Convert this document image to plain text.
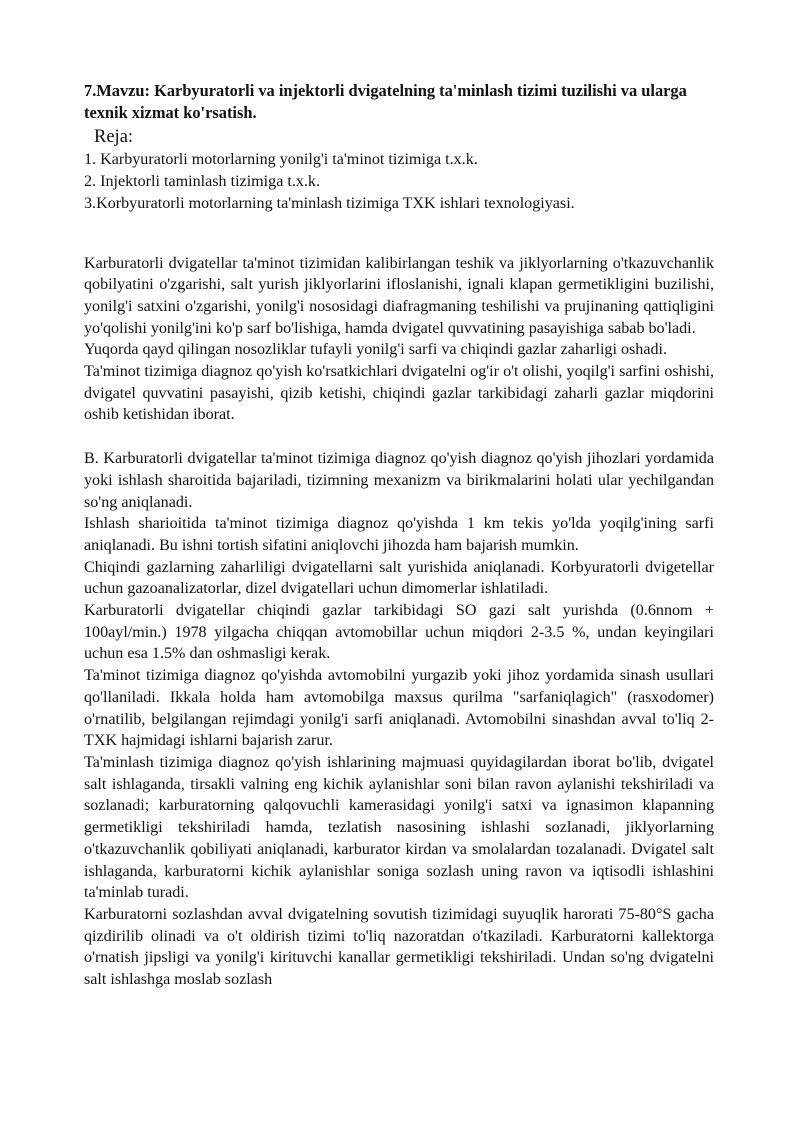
7.Mavzu: Karbyuratorli va injektorli dvigatelning ta'minlash tizimi tuzilishi va ularga texnik xizmat ko'rsatish.

Reja:

1. Karbyuratorli motorlarning yonilg'i ta'minot tizimiga t.x.k.

2. Injektorli taminlash tizimiga t.x.k.

3.Korbyuratorli motorlarning ta'minlash tizimiga TXK ishlari texnologiyasi.

Karburatorli dvigatellar ta'minot tizimidan kalibirlangan teshik va jiklyorlarning o'tkazuvchanlik qobilyatini o'zgarishi, salt yurish jiklyorlarini ifloslanishi, ignali klapan germetikligini buzilishi, yonilg'i satxini o'zgarishi, yonilg'i nososidagi diafragmaning teshilishi va prujinaning qattiqligini yo'qolishi yonilg'ini ko'p sarf bo'lishiga, hamda dvigatel quvvatining pasayishiga sabab bo'ladi.

Yuqorda qayd qilingan nosozliklar tufayli yonilg'i sarfi va chiqindi gazlar zaharligi oshadi.

Ta'minot tizimiga diagnoz qo'yish ko'rsatkichlari dvigatelni og'ir o't olishi, yoqilg'i sarfini oshishi, dvigatel quvvatini pasayishi, qizib ketishi, chiqindi gazlar tarkibidagi zaharli gazlar miqdorini oshib ketishidan iborat.

B. Karburatorli dvigatellar ta'minot tizimiga diagnoz qo'yish diagnoz qo'yish jihozlari yordamida yoki ishlash sharoitida bajariladi, tizimning mexanizm va birikmalarini holati ular yechilgandan so'ng aniqlanadi.

Ishlash sharioitida ta'minot tizimiga diagnoz qo'yishda 1 km tekis yo'lda yoqilg'ining sarfi aniqlanadi. Bu ishni tortish sifatini aniqlovchi jihozda ham bajarish mumkin.

Chiqindi gazlarning zaharliligi dvigatellarni salt yurishida aniqlanadi. Korbyuratorli dvigetellar uchun gazoanalizatorlar, dizel dvigatellari uchun dimomerlar ishlatiladi.

Karburatorli dvigatellar chiqindi gazlar tarkibidagi SO gazi salt yurishda (0.6nnom + 100ayl/min.) 1978 yilgacha chiqqan avtomobillar uchun miqdori 2-3.5 %, undan keyingilari uchun esa 1.5% dan oshmasligi kerak.

Ta'minot tizimiga diagnoz qo'yishda avtomobilni yurgazib yoki jihoz yordamida sinash usullari qo'llaniladi. Ikkala holda ham avtomobilga maxsus qurilma "sarfaniqlagich" (rasxodomer) o'rnatilib, belgilangan rejimdagi yonilg'i sarfi aniqlanadi. Avtomobilni sinashdan avval to'liq 2-TXK hajmidagi ishlarni bajarish zarur.

Ta'minlash tizimiga diagnoz qo'yish ishlarining majmuasi quyidagilardan iborat bo'lib, dvigatel salt ishlaganda, tirsakli valning eng kichik aylanishlar soni bilan ravon aylanishi tekshiriladi va sozlanadi; karburatorning qalqovuchli kamerasidagi yonilg'i satxi va ignasimon klapanning germetikligi tekshiriladi hamda, tezlatish nasosining ishlashi sozlanadi, jiklyorlarning o'tkazuvchanlik qobiliyati aniqlanadi, karburator kirdan va smolalardan tozalanadi. Dvigatel salt ishlaganda, karburatorni kichik aylanishlar soniga sozlash uning ravon va iqtisodli ishlashini ta'minlab turadi.

Karburatorni sozlashdan avval dvigatelning sovutish tizimidagi suyuqlik harorati 75-80°S gacha qizdirilib olinadi va o't oldirish tizimi to'liq nazoratdan o'tkaziladi. Karburatorni kallektorga o'rnatish jipsligi va yonilg'i kirituvchi kanallar germetikligi tekshiriladi. Undan so'ng dvigatelni salt ishlashga moslab sozlash
